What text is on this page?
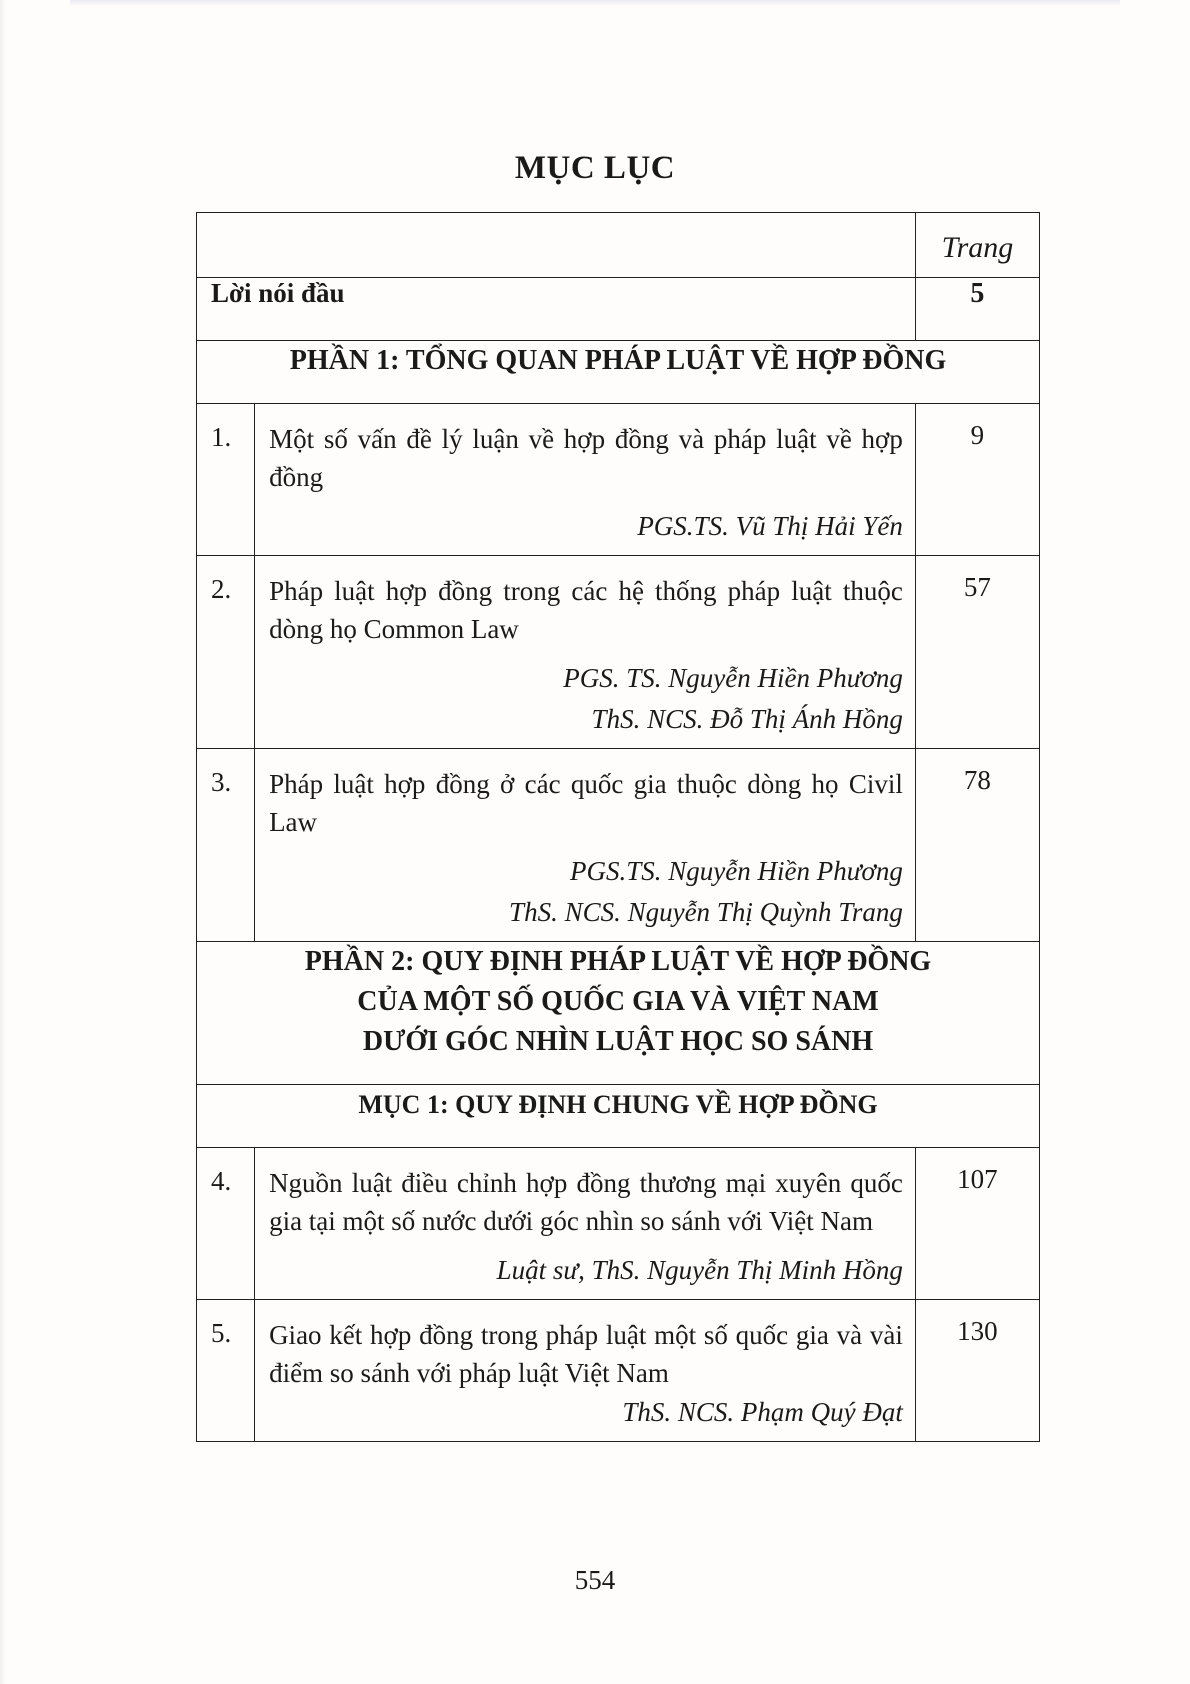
MỤC LỤC
		Trang
Lời nói đầu		5
PHẦN 1: TỔNG QUAN PHÁP LUẬT VỀ HỢP ĐỒNG		
1.	Một số vấn đề lý luận về hợp đồng và pháp luật về hợp đồng
PGS.TS. Vũ Thị Hải Yến	9
2.	Pháp luật hợp đồng trong các hệ thống pháp luật thuộc dòng họ Common Law
PGS. TS. Nguyễn Hiền Phương
ThS. NCS. Đỗ Thị Ánh Hồng	57
3.	Pháp luật hợp đồng ở các quốc gia thuộc dòng họ Civil Law
PGS.TS. Nguyễn Hiền Phương
ThS. NCS. Nguyễn Thị Quỳnh Trang	78

PHẦN 2: QUY ĐỊNH PHÁP LUẬT VỀ HỢP ĐỒNG
CỦA MỘT SỐ QUỐC GIA VÀ VIỆT NAM
DƯỚI GÓC NHÌN LUẬT HỌC SO SÁNH		

MỤC 1: QUY ĐỊNH CHUNG VỀ HỢP ĐỒNG		
4.	Nguồn luật điều chỉnh hợp đồng thương mại xuyên quốc gia tại một số nước dưới góc nhìn so sánh với Việt Nam
Luật sư, ThS. Nguyễn Thị Minh Hồng	107
5.	Giao kết hợp đồng trong pháp luật một số quốc gia và vài điểm so sánh với pháp luật Việt Nam
ThS. NCS. Phạm Quý Đạt	130
554
